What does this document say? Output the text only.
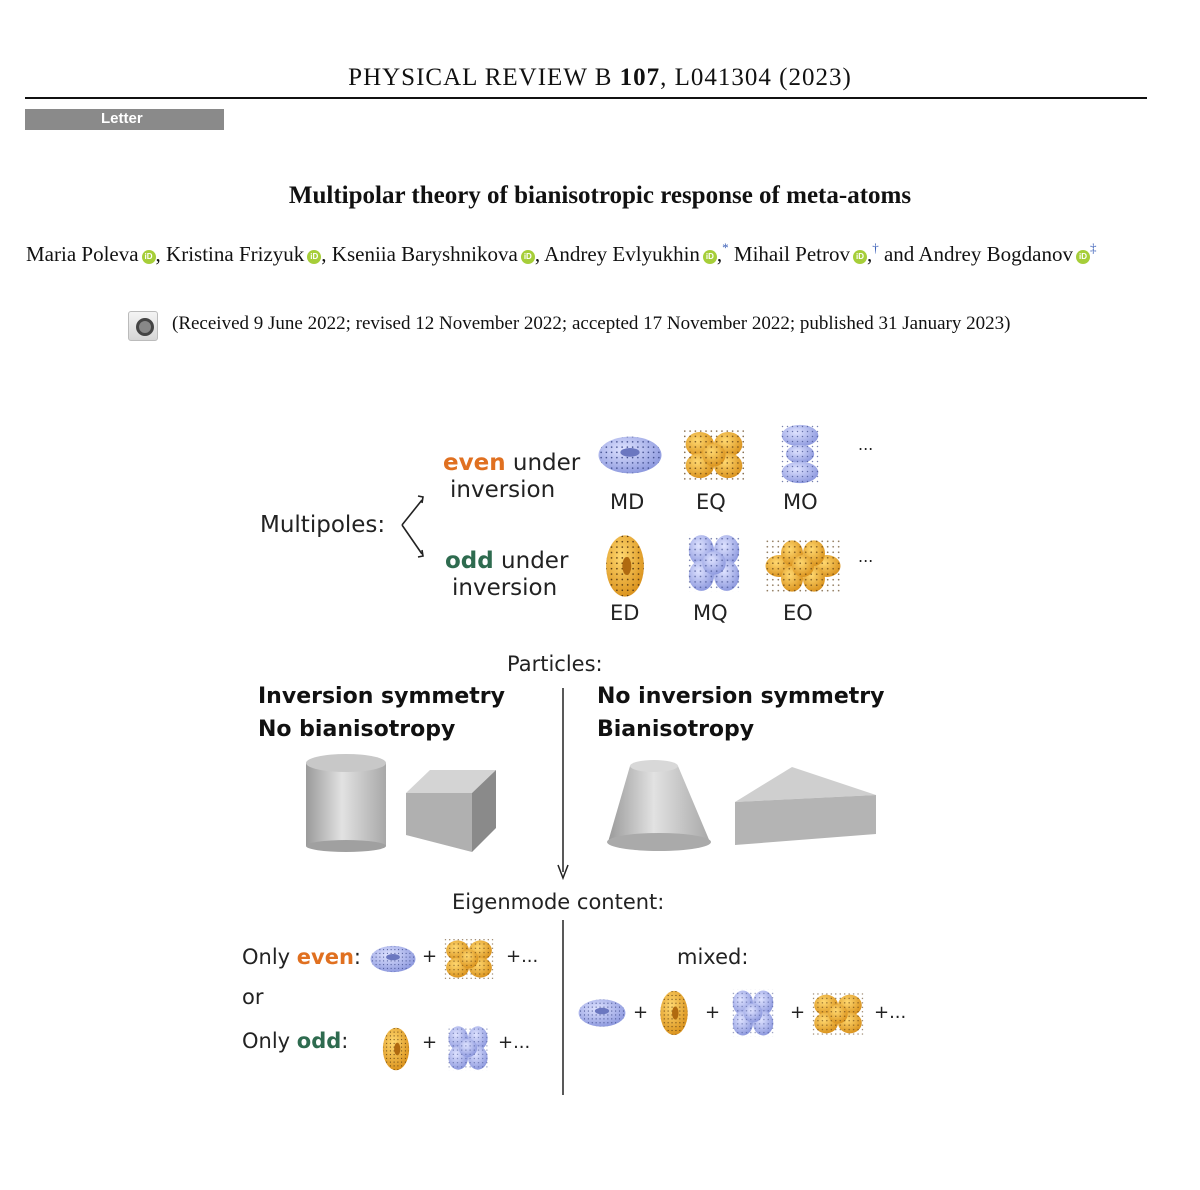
PHYSICAL REVIEW B 107, L041304 (2023)
Letter
Multipolar theory of bianisotropic response of meta-atoms
Maria Poleva iD , Kristina Frizyuk iD , Kseniia Baryshnikova iD , Andrey Evlyukhin iD ,* Mihail Petrov iD ,† and Andrey Bogdanov iD‡
(Received 9 June 2022; revised 12 November 2022; accepted 17 November 2022; published 31 January 2023)
Multipoles:
even under
inversion
odd under
inversion
...
MD EQ	MO
...
ED	MQ	EO
Particles:
Inversion symmetry
No bianisotropy
No inversion symmetry
Bianisotropy
Eigenmode content:
Only even:	+	+...
or
Only odd:	+	+...
mixed:
+	+	+	+...
